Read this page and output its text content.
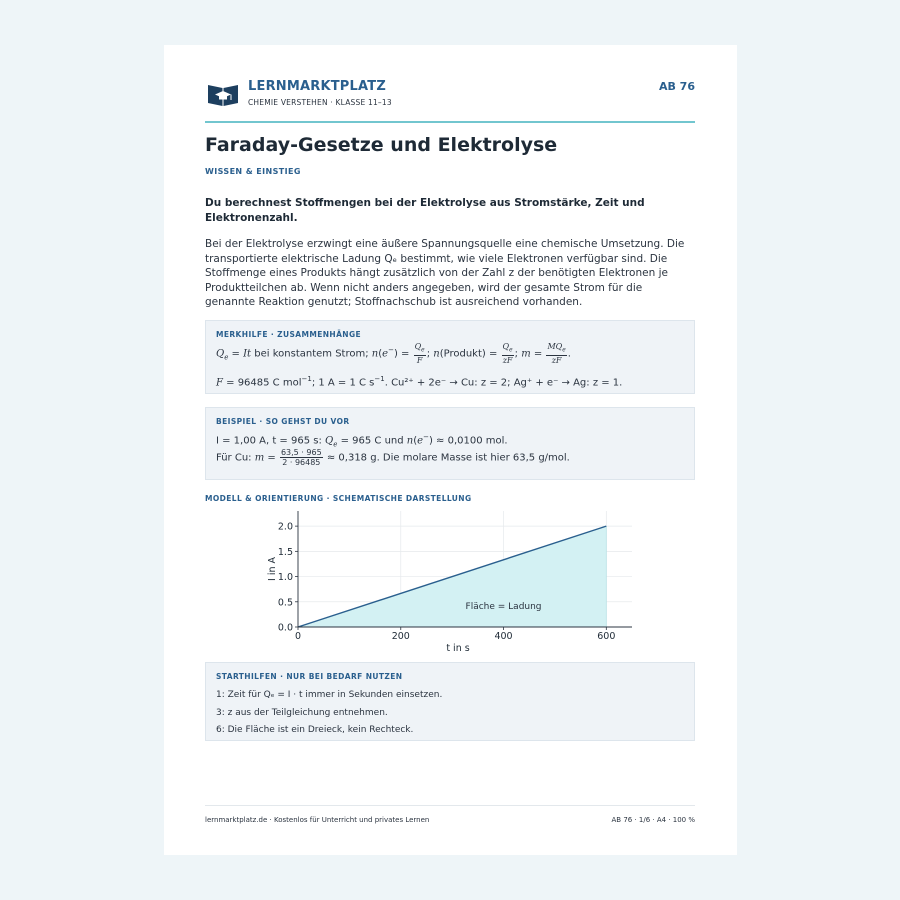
LERNMARKTPLATZ
CHEMIE VERSTEHEN · KLASSE 11–13
AB 76
Faraday-Gesetze und Elektrolyse
WISSEN & EINSTIEG
Du berechnest Stoffmengen bei der Elektrolyse aus Stromstärke, Zeit und Elektronenzahl.
Bei der Elektrolyse erzwingt eine äußere Spannungsquelle eine chemische Umsetzung. Die transportierte elektrische Ladung Qₑ bestimmt, wie viele Elektronen verfügbar sind. Die Stoffmenge eines Produkts hängt zusätzlich von der Zahl z der benötigten Elektronen je Produktteilchen ab. Wenn nicht anders angegeben, wird der gesamte Strom für die genannte Reaktion genutzt; Stoffnachschub ist ausreichend vorhanden.
MERKHILFE · ZUSAMMENHÄNGE
$Q_e = It$ bei konstantem Strom; $n(e^-) = \frac{Q_e}{F}$ ; n(Produkt) = $\frac{Q_e}{zF}$ ; $m = \frac{MQ_e}{zF}$ .
F = 96485 C mol$^{-1}$; 1 A = 1 C $s^{-1}$. Cu²⁺ + 2e⁻ → Cu: z = 2; Ag⁺ + e⁻ → Ag: z = 1.
BEISPIEL · SO GEHST DU VOR
I = 1,00 A, t = 965 s: $Q_e = 965$ C und n(e−) ≈ 0,0100 mol.
Für Cu: $m = \frac{63,5 \cdot 965}{2 \cdot 96485} \approx 0,318$ g. Die molare Masse ist hier 63,5 g/mol.
MODELL & ORIENTIERUNG · SCHEMATISCHE DARSTELLUNG
0	200	400	600
0.0
0.5
1.0
1.5
2.0
t in s
I in A
Fläche = Ladung
STARTHILFEN · NUR BEI BEDARF NUTZEN
1: Zeit für Qₑ = I · t immer in Sekunden einsetzen.
3: z aus der Teilgleichung entnehmen.
6: Die Fläche ist ein Dreieck, kein Rechteck.
lernmarktplatz.de · Kostenlos für Unterricht und privates Lernen	AB 76 · 1/6 · A4 · 100 %
